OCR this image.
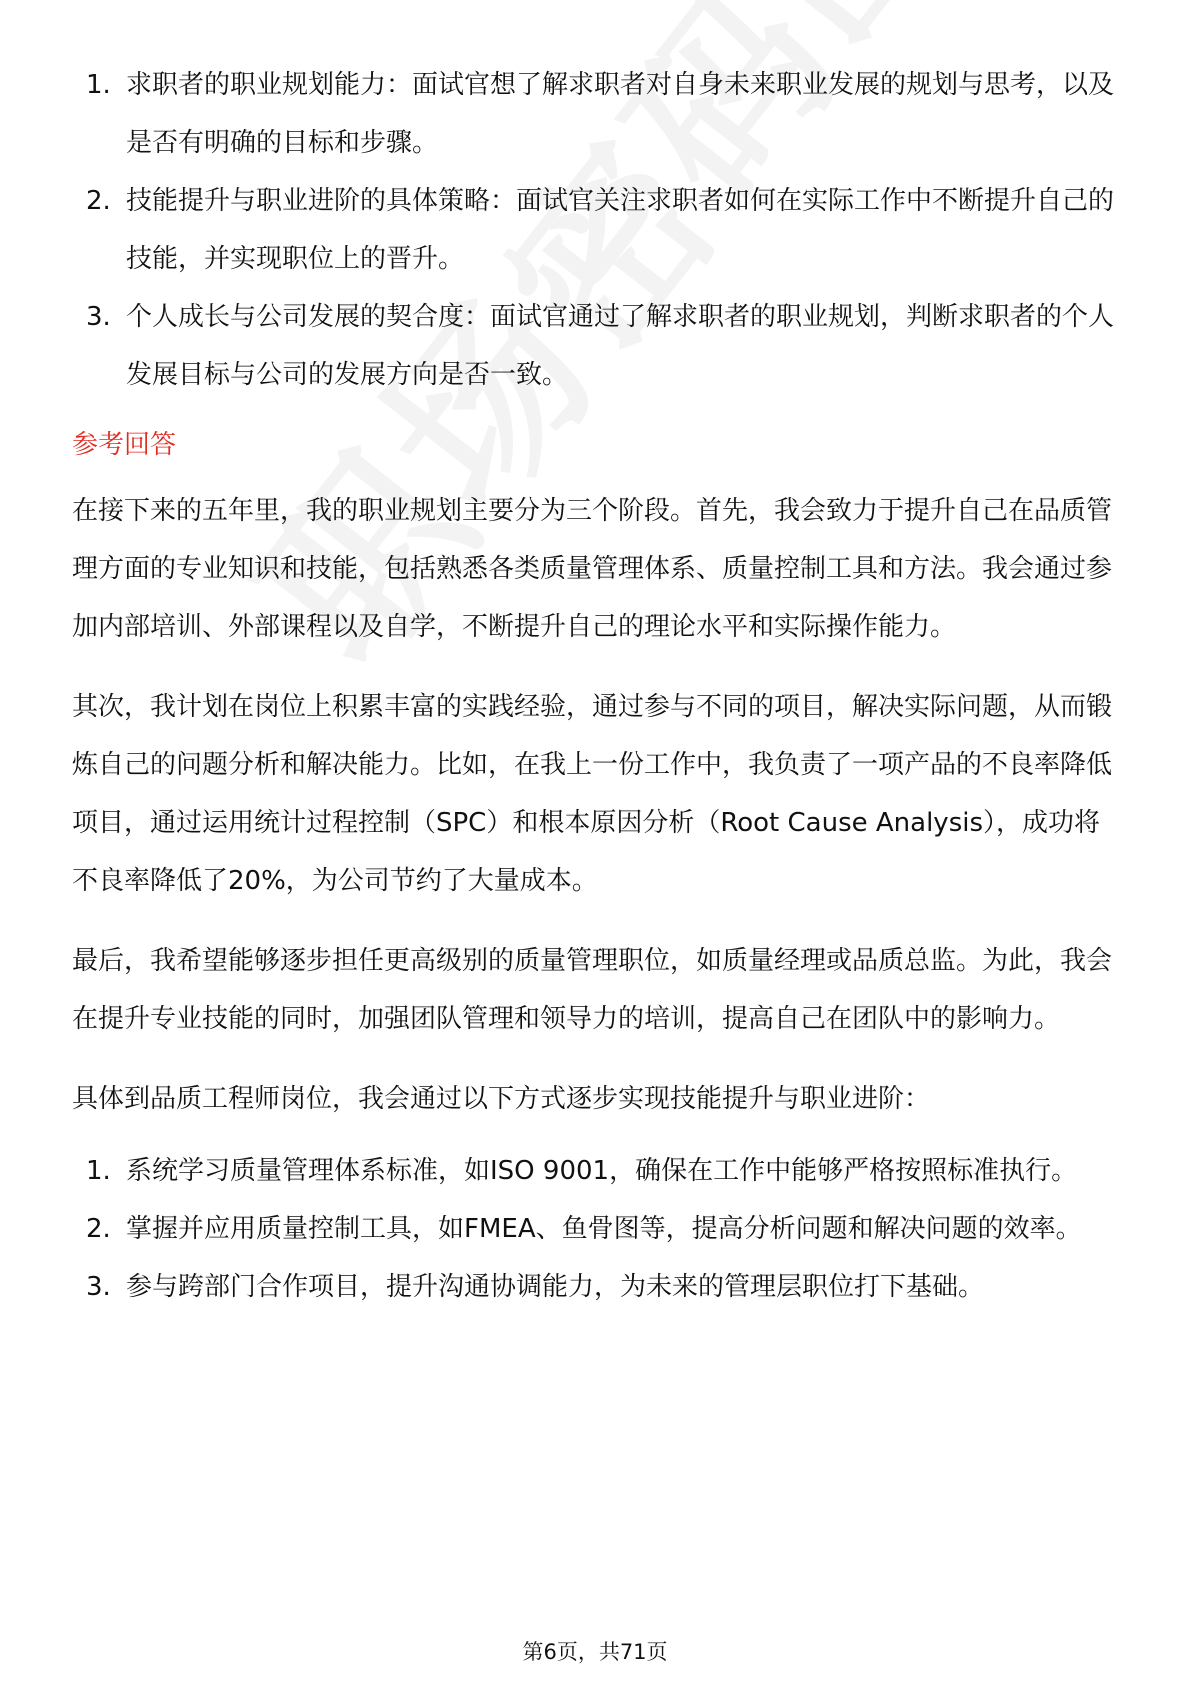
1. 求职者的职业规划能力：面试官想了解求职者对自身未来职业发展的规划与思考，以及是否有明确的目标和步骤。
2. 技能提升与职业进阶的具体策略：面试官关注求职者如何在实际工作中不断提升自己的技能，并实现职位上的晋升。
3. 个人成长与公司发展的契合度：面试官通过了解求职者的职业规划，判断求职者的个人发展目标与公司的发展方向是否一致。
参考回答

在接下来的五年里，我的职业规划主要分为三个阶段。首先，我会致力于提升自己在品质管理方面的专业知识和技能，包括熟悉各类质量管理体系、质量控制工具和方法。我会通过参加内部培训、外部课程以及自学，不断提升自己的理论水平和实际操作能力。

其次，我计划在岗位上积累丰富的实践经验，通过参与不同的项目，解决实际问题，从而锻炼自己的问题分析和解决能力。比如，在我上一份工作中，我负责了一项产品的不良率降低项目，通过运用统计过程控制（SPC）和根本原因分析（Root Cause Analysis），成功将不良率降低了20%，为公司节约了大量成本。

最后，我希望能够逐步担任更高级别的质量管理职位，如质量经理或品质总监。为此，我会在提升专业技能的同时，加强团队管理和领导力的培训，提高自己在团队中的影响力。

具体到品质工程师岗位，我会通过以下方式逐步实现技能提升与职业进阶：

1. 系统学习质量管理体系标准，如ISO 9001，确保在工作中能够严格按照标准执行。
2. 掌握并应用质量控制工具，如FMEA、鱼骨图等，提高分析问题和解决问题的效率。
3. 参与跨部门合作项目，提升沟通协调能力，为未来的管理层职位打下基础。
第6页，共71页
